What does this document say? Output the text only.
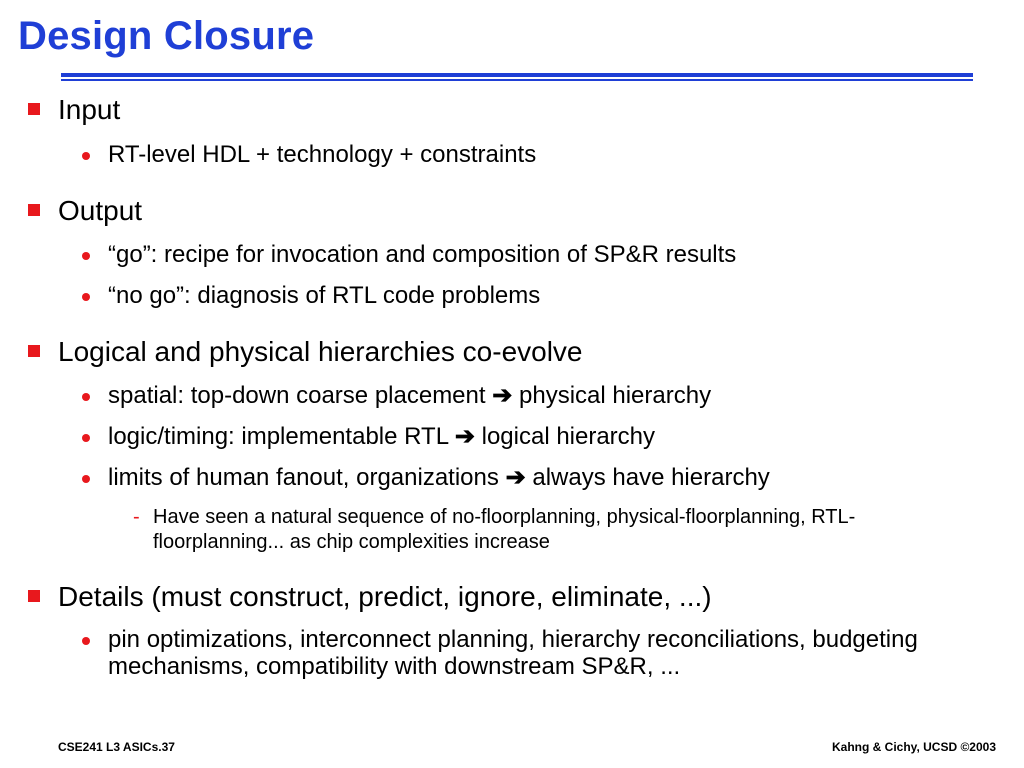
Design Closure
Input
RT-level HDL + technology + constraints
Output
“go”: recipe for invocation and composition of SP&R results
“no go”: diagnosis of RTL code problems
Logical and physical hierarchies co-evolve
spatial: top-down coarse placement ➔ physical hierarchy
logic/timing: implementable RTL ➔ logical hierarchy
limits of human fanout, organizations ➔ always have hierarchy
- Have seen a natural sequence of no-floorplanning, physical-floorplanning, RTL-floorplanning... as chip complexities increase
Details (must construct, predict, ignore, eliminate, ...)
pin optimizations, interconnect planning, hierarchy reconciliations, budgeting mechanisms, compatibility with downstream SP&R, ...
CSE241 L3 ASICs.37	Kahng & Cichy, UCSD ©2003
